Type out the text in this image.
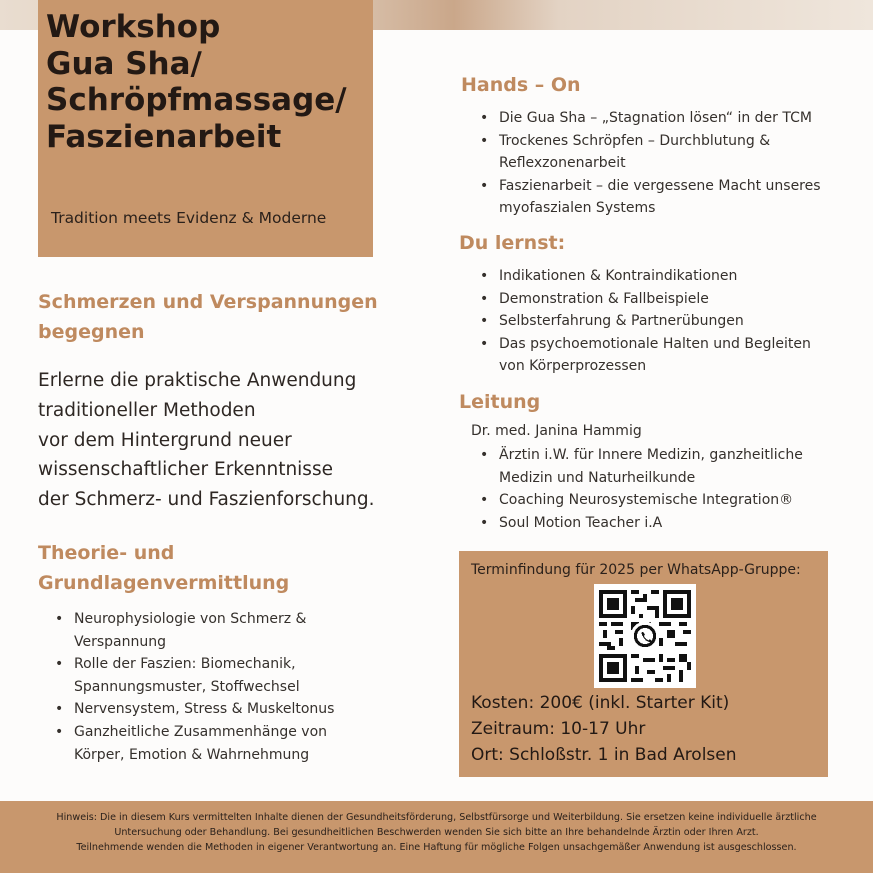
Workshop
Gua Sha/
Schröpfmassage/
Faszienarbeit
Tradition meets Evidenz & Moderne
Schmerzen und Verspannungen
begegnen
Erlerne die praktische Anwendung
traditioneller Methoden
vor dem Hintergrund neuer
wissenschaftlicher Erkenntnisse
der Schmerz- und Faszienforschung.
Theorie- und
Grundlagenvermittlung
• Neurophysiologie von Schmerz &
Verspannung
• Rolle der Faszien: Biomechanik,
Spannungsmuster, Stoffwechsel
• Nervensystem, Stress & Muskeltonus
• Ganzheitliche Zusammenhänge von
Körper, Emotion & Wahrnehmung
Hands – On
• Die Gua Sha – „Stagnation lösen“ in der TCM
• Trockenes Schröpfen – Durchblutung &
Reflexzonenarbeit
• Faszienarbeit – die vergessene Macht unseres
myofaszialen Systems
Du lernst:
• Indikationen & Kontraindikationen
• Demonstration & Fallbeispiele
• Selbsterfahrung & Partnerübungen
• Das psychoemotionale Halten und Begleiten
von Körperprozessen
Leitung
Dr. med. Janina Hammig
• Ärztin i.W. für Innere Medizin, ganzheitliche
Medizin und Naturheilkunde
• Coaching Neurosystemische Integration®
• Soul Motion Teacher i.A
Terminfindung für 2025 per WhatsApp-Gruppe:
Kosten: 200€ (inkl. Starter Kit)
Zeitraum: 10-17 Uhr
Ort: Schloßstr. 1 in Bad Arolsen
Hinweis: Die in diesem Kurs vermittelten Inhalte dienen der Gesundheitsförderung, Selbstfürsorge und Weiterbildung. Sie ersetzen keine individuelle ärztliche
Untersuchung oder Behandlung. Bei gesundheitlichen Beschwerden wenden Sie sich bitte an Ihre behandelnde Ärztin oder Ihren Arzt.
Teilnehmende wenden die Methoden in eigener Verantwortung an. Eine Haftung für mögliche Folgen unsachgemäßer Anwendung ist ausgeschlossen.
